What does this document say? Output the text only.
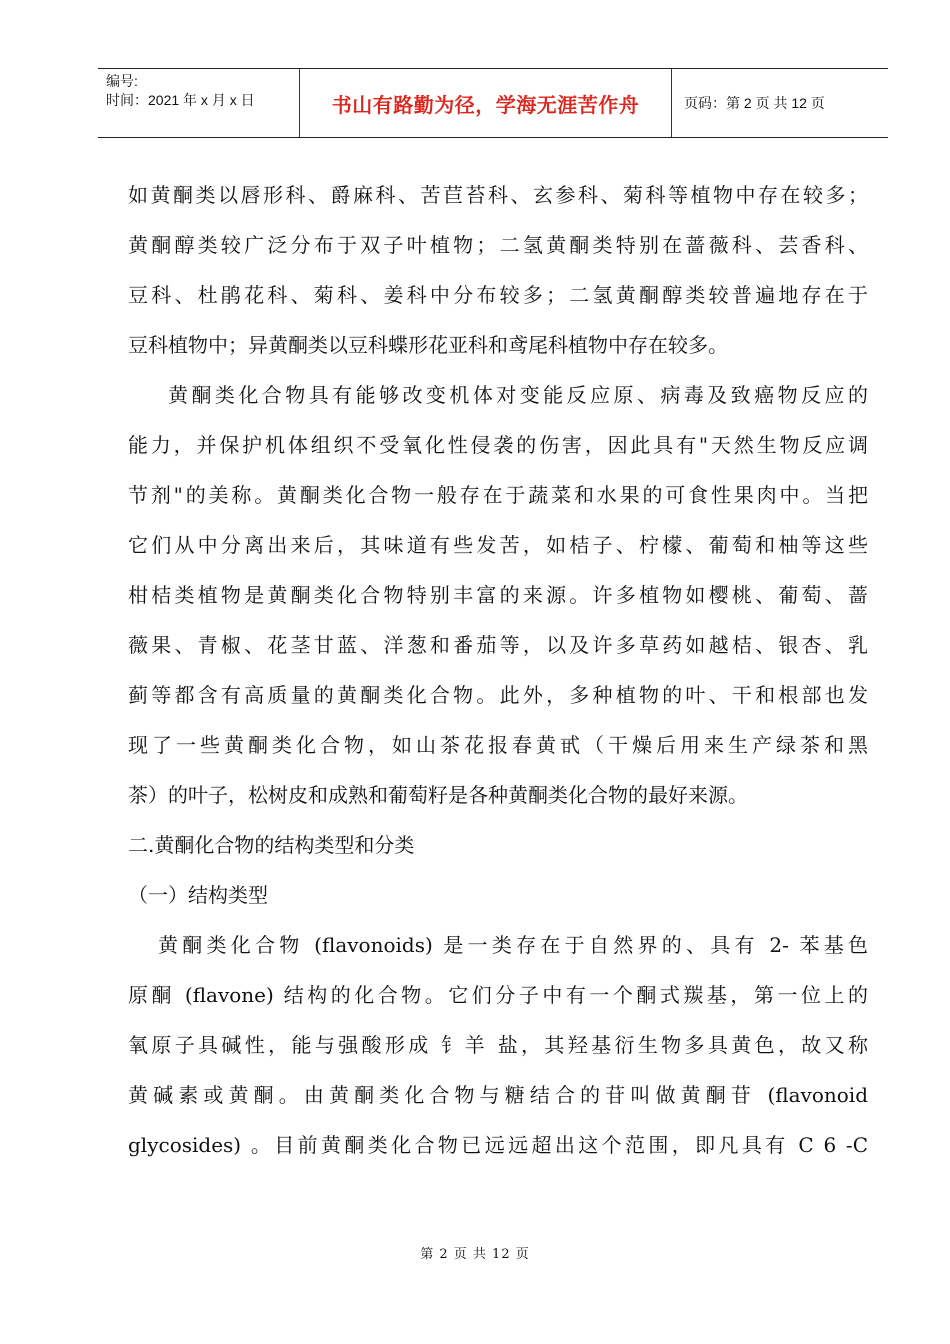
编号:
时间：2021 年 x 月 x 日	书山有路勤为径，学海无涯苦作舟	页码：第 2 页 共 12 页
如黄酮类以唇形科、爵麻科、苦苣苔科、玄参科、菊科等植物中存在较多；
黄酮醇类较广泛分布于双子叶植物；二氢黄酮类特别在蔷薇科、芸香科、
豆科、杜鹃花科、菊科、姜科中分布较多；二氢黄酮醇类较普遍地存在于
豆科植物中；异黄酮类以豆科蝶形花亚科和鸢尾科植物中存在较多。
黄酮类化合物具有能够改变机体对变能反应原、病毒及致癌物反应的
能力，并保护机体组织不受氧化性侵袭的伤害，因此具有"天然生物反应调
节剂"的美称。黄酮类化合物一般存在于蔬菜和水果的可食性果肉中。当把
它们从中分离出来后，其味道有些发苦，如桔子、柠檬、葡萄和柚等这些
柑桔类植物是黄酮类化合物特别丰富的来源。许多植物如樱桃、葡萄、蔷
薇果、青椒、花茎甘蓝、洋葱和番茄等，以及许多草药如越桔、银杏、乳
蓟等都含有高质量的黄酮类化合物。此外，多种植物的叶、干和根部也发
现了一些黄酮类化合物，如山茶花报春黄甙（干燥后用来生产绿茶和黑
茶）的叶子，松树皮和成熟和葡萄籽是各种黄酮类化合物的最好来源。
二.黄酮化合物的结构类型和分类
（一）结构类型
黄酮类化合物 (flavonoids) 是一类存在于自然界的、具有 2- 苯基色
原酮 (flavone) 结构的化合物。它们分子中有一个酮式羰基，第一位上的
氧原子具碱性，能与强酸形成 钅羊 盐，其羟基衍生物多具黄色，故又称
黄碱素或黄酮。由黄酮类化合物与糖结合的苷叫做黄酮苷 (flavonoid
glycosides) 。目前黄酮类化合物已远远超出这个范围，即凡具有 C 6 -C
第 2 页 共 12 页
